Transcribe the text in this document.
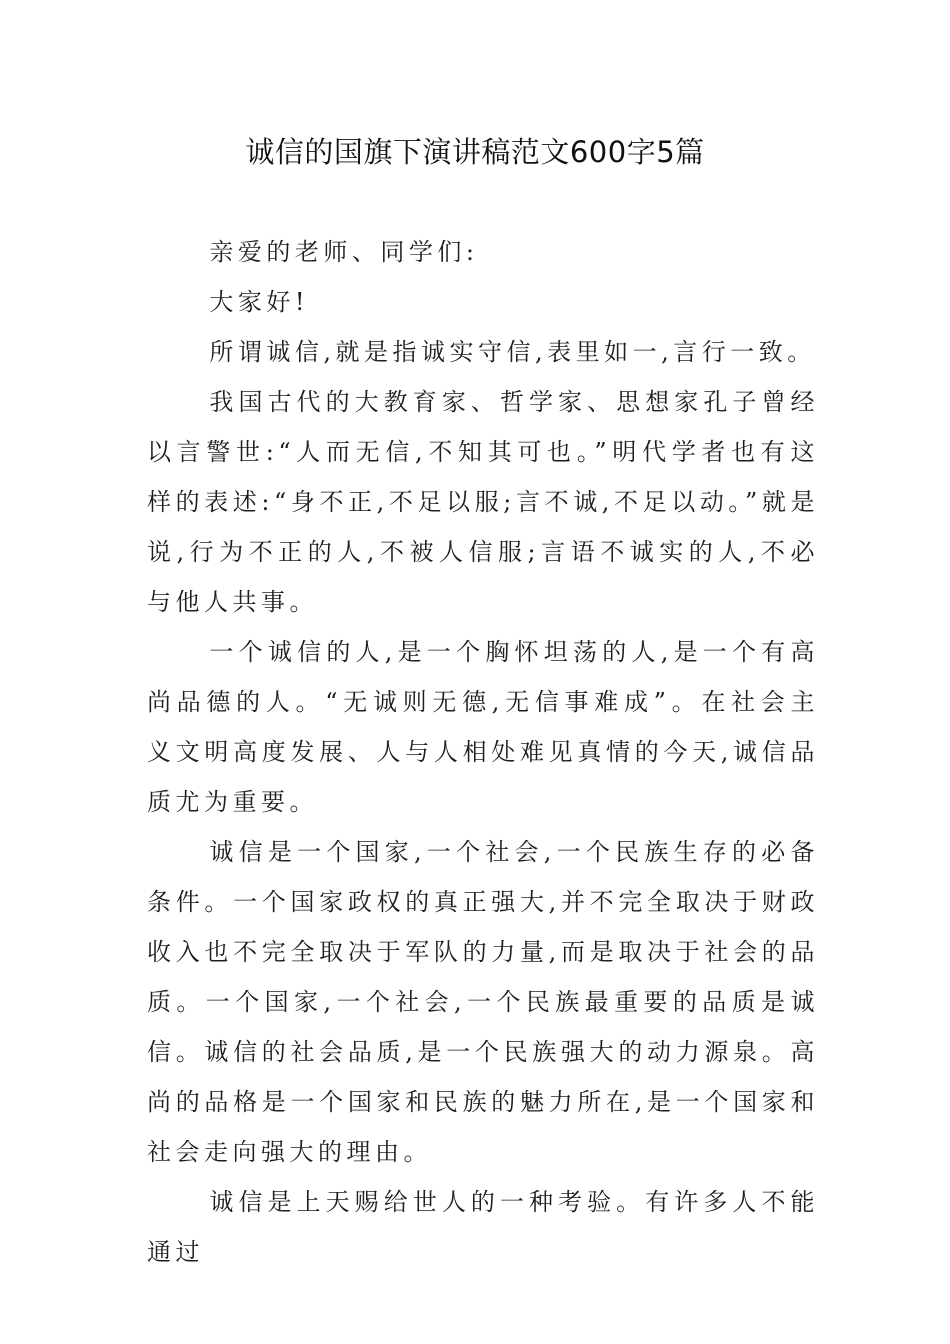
诚信的国旗下演讲稿范文600字5篇

亲爱的老师、同学们:

大家好!

所谓诚信,就是指诚实守信,表里如一,言行一致。

我国古代的大教育家、哲学家、思想家孔子曾经以言警世:“人而无信,不知其可也。”明代学者也有这样的表述:“身不正,不足以服;言不诚,不足以动。”就是说,行为不正的人,不被人信服;言语不诚实的人,不必与他人共事。

一个诚信的人,是一个胸怀坦荡的人,是一个有高尚品德的人。“无诚则无德,无信事难成”。在社会主义文明高度发展、人与人相处难见真情的今天,诚信品质尤为重要。

诚信是一个国家,一个社会,一个民族生存的必备条件。一个国家政权的真正强大,并不完全取决于财政收入也不完全取决于军队的力量,而是取决于社会的品质。一个国家,一个社会,一个民族最重要的品质是诚信。诚信的社会品质,是一个民族强大的动力源泉。高尚的品格是一个国家和民族的魅力所在,是一个国家和社会走向强大的理由。

诚信是上天赐给世人的一种考验。有许多人不能通过
